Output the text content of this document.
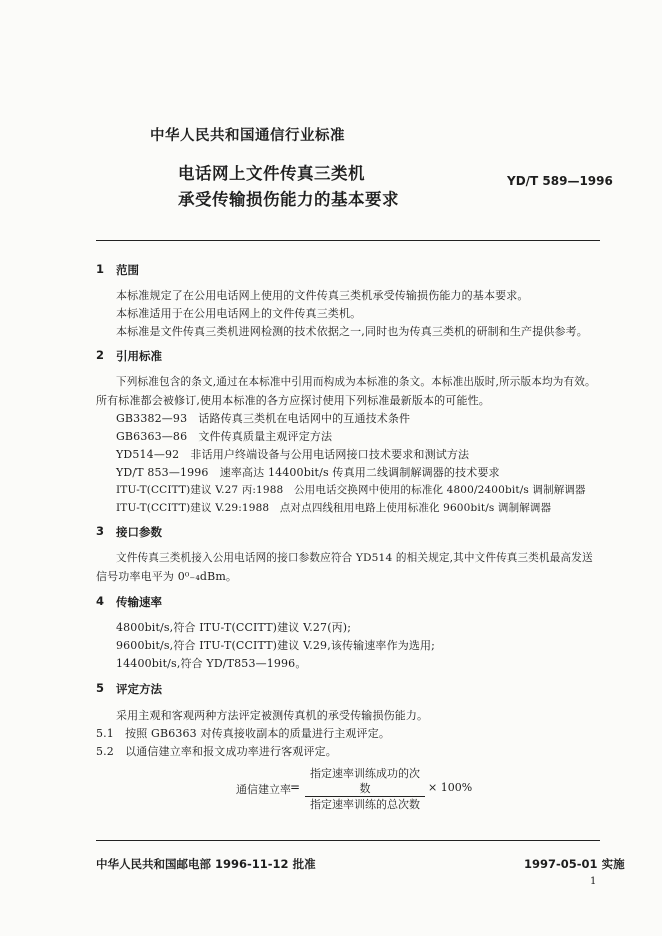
中华人民共和国通信行业标准
电话网上文件传真三类机
承受传输损伤能力的基本要求
YD/T 589—1996
1 范围
本标准规定了在公用电话网上使用的文件传真三类机承受传输损伤能力的基本要求。
本标准适用于在公用电话网上的文件传真三类机。
本标准是文件传真三类机进网检测的技术依据之一,同时也为传真三类机的研制和生产提供参考。
2 引用标准
下列标准包含的条文,通过在本标准中引用而构成为本标准的条文。本标准出版时,所示版本均为有效。
所有标准都会被修订,使用本标准的各方应探讨使用下列标准最新版本的可能性。
GB3382—93　话路传真三类机在电话网中的互通技术条件
GB6363—86　文件传真质量主观评定方法
YD514—92　非话用户终端设备与公用电话网接口技术要求和测试方法
YD/T 853—1996　速率高达 14400bit/s 传真用二线调制解调器的技术要求
ITU-T(CCITT)建议 V.27 丙:1988　公用电话交换网中使用的标准化 4800/2400bit/s 调制解调器
ITU-T(CCITT)建议 V.29:1988　点对点四线租用电路上使用标准化 9600bit/s 调制解调器
3 接口参数
文件传真三类机接入公用电话网的接口参数应符合 YD514 的相关规定,其中文件传真三类机最高发送
信号功率电平为 0⁰₋₄dBm。
4 传输速率
4800bit/s,符合 ITU-T(CCITT)建议 V.27(丙);
9600bit/s,符合 ITU-T(CCITT)建议 V.29,该传输速率作为选用;
14400bit/s,符合 YD/T853—1996。
5 评定方法
采用主观和客观两种方法评定被测传真机的承受传输损伤能力。
5.1　按照 GB6363 对传真接收副本的质量进行主观评定。
5.2　以通信建立率和报文成功率进行客观评定。
通信建立率 =
指定速率训练成功的次数
指定速率训练的总次数
× 100%
中华人民共和国邮电部 1996-11-12 批准	1997-05-01 实施
1
